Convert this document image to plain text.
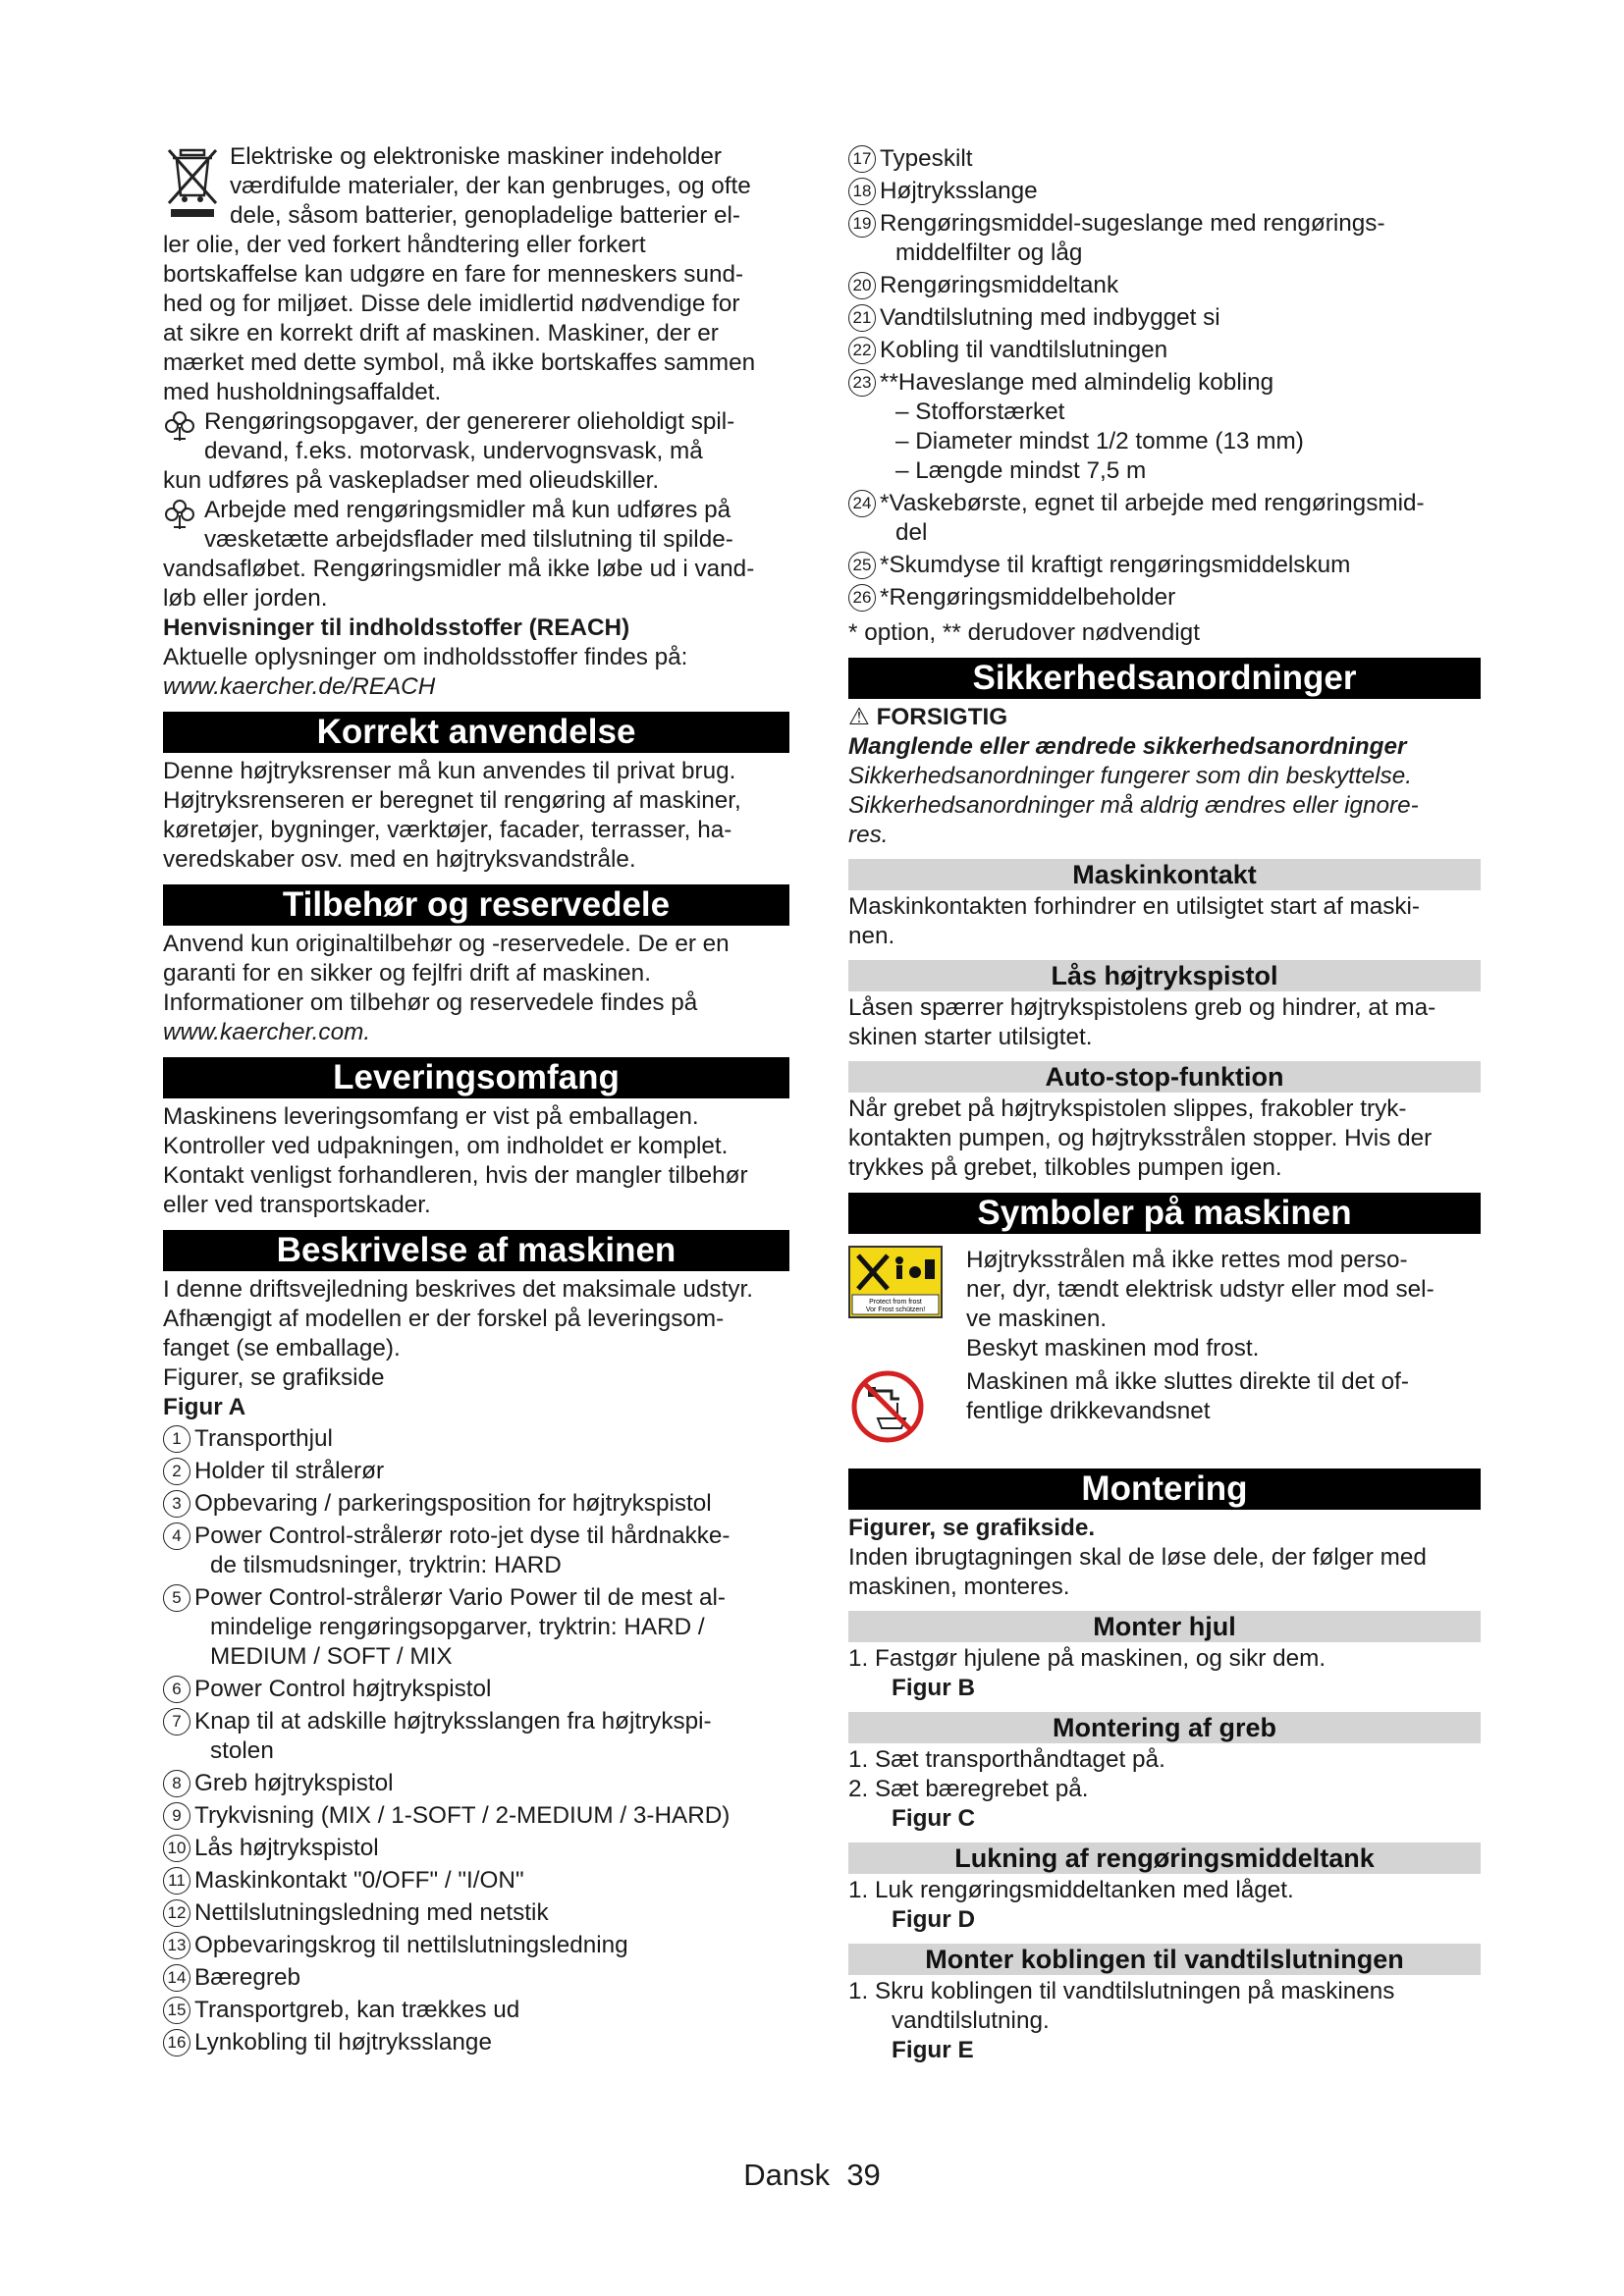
Elektriske og elektroniske maskiner indeholder

værdifulde materialer, der kan genbruges, og ofte

dele, såsom batterier, genopladelige batterier el-

ler olie, der ved forkert håndtering eller forkert

bortskaffelse kan udgøre en fare for menneskers sund-

hed og for miljøet. Disse dele imidlertid nødvendige for

at sikre en korrekt drift af maskinen. Maskiner, der er

mærket med dette symbol, må ikke bortskaffes sammen

med husholdningsaffaldet.

Rengøringsopgaver, der genererer olieholdigt spil-

devand, f.eks. motorvask, undervognsvask, må

kun udføres på vaskepladser med olieudskiller.

Arbejde med rengøringsmidler må kun udføres på

væsketætte arbejdsflader med tilslutning til spilde-

vandsafløbet. Rengøringsmidler må ikke løbe ud i vand-

løb eller jorden.

Henvisninger til indholdsstoffer (REACH)

Aktuelle oplysninger om indholdsstoffer findes på:

www.kaercher.de/REACH

Korrekt anvendelse

Denne højtryksrenser må kun anvendes til privat brug.

Højtryksrenseren er beregnet til rengøring af maskiner,

køretøjer, bygninger, værktøjer, facader, terrasser, ha-

veredskaber osv. med en højtryksvandstråle.

Tilbehør og reservedele

Anvend kun originaltilbehør og -reservedele. De er en

garanti for en sikker og fejlfri drift af maskinen.

Informationer om tilbehør og reservedele findes på

www.kaercher.com.

Leveringsomfang

Maskinens leveringsomfang er vist på emballagen.

Kontroller ved udpakningen, om indholdet er komplet.

Kontakt venligst forhandleren, hvis der mangler tilbehør

eller ved transportskader.

Beskrivelse af maskinen

I denne driftsvejledning beskrives det maksimale udstyr.

Afhængigt af modellen er der forskel på leveringsom-

fanget (se emballage).

Figurer, se grafikside

Figur A

1 Transporthjul
2 Holder til strålerør
3 Opbevaring / parkeringsposition for højtrykspistol
4 Power Control-strålerør roto-jet dyse til hårdnakke-
de tilsmudsninger, tryktrin: HARD
5 Power Control-strålerør Vario Power til de mest al-
mindelige rengøringsopgarver, tryktrin: HARD /
MEDIUM / SOFT / MIX
6 Power Control højtrykspistol
7 Knap til at adskille højtryksslangen fra højtrykspi-
stolen
8 Greb højtrykspistol
9 Trykvisning (MIX / 1-SOFT / 2-MEDIUM / 3-HARD)
10 Lås højtrykspistol
11 Maskinkontakt "0/OFF" / "I/ON"
12 Nettilslutningsledning med netstik
13 Opbevaringskrog til nettilslutningsledning
14 Bæregreb
15 Transportgreb, kan trækkes ud
16 Lynkobling til højtryksslange
17 Typeskilt
18 Højtryksslange
19 Rengøringsmiddel-sugeslange med rengørings-
middelfilter og låg
20 Rengøringsmiddeltank
21 Vandtilslutning med indbygget si
22 Kobling til vandtilslutningen
23 **Haveslange med almindelig kobling
– Stofforstærket
– Diameter mindst 1/2 tomme (13 mm)
– Længde mindst 7,5 m
24 *Vaskebørste, egnet til arbejde med rengøringsmid-
del
25 *Skumdyse til kraftigt rengøringsmiddelskum
26 *Rengøringsmiddelbeholder

* option, ** derudover nødvendigt

Sikkerhedsanordninger

⚠ FORSIGTIG

Manglende eller ændrede sikkerhedsanordninger

Sikkerhedsanordninger fungerer som din beskyttelse.

Sikkerhedsanordninger må aldrig ændres eller ignore-

res.

Maskinkontakt

Maskinkontakten forhindrer en utilsigtet start af maski-

nen.

Lås højtrykspistol

Låsen spærrer højtrykspistolens greb og hindrer, at ma-

skinen starter utilsigtet.

Auto-stop-funktion

Når grebet på højtrykspistolen slippes, frakobler tryk-

kontakten pumpen, og højtryksstrålen stopper. Hvis der

trykkes på grebet, tilkobles pumpen igen.

Symboler på maskinen
Protect from frost
Vor Frost schützen!

Højtryksstrålen må ikke rettes mod perso-

ner, dyr, tændt elektrisk udstyr eller mod sel-

ve maskinen.

Beskyt maskinen mod frost.

Maskinen må ikke sluttes direkte til det of-

fentlige drikkevandsnet

Montering

Figurer, se grafikside.

Inden ibrugtagningen skal de løse dele, der følger med

maskinen, monteres.

Monter hjul

1. Fastgør hjulene på maskinen, og sikr dem.

Figur B

Montering af greb

1. Sæt transporthåndtaget på.

2. Sæt bæregrebet på.

Figur C

Lukning af rengøringsmiddeltank

1. Luk rengøringsmiddeltanken med låget.

Figur D

Monter koblingen til vandtilslutningen

1. Skru koblingen til vandtilslutningen på maskinens

vandtilslutning.

Figur E

Dansk 39
